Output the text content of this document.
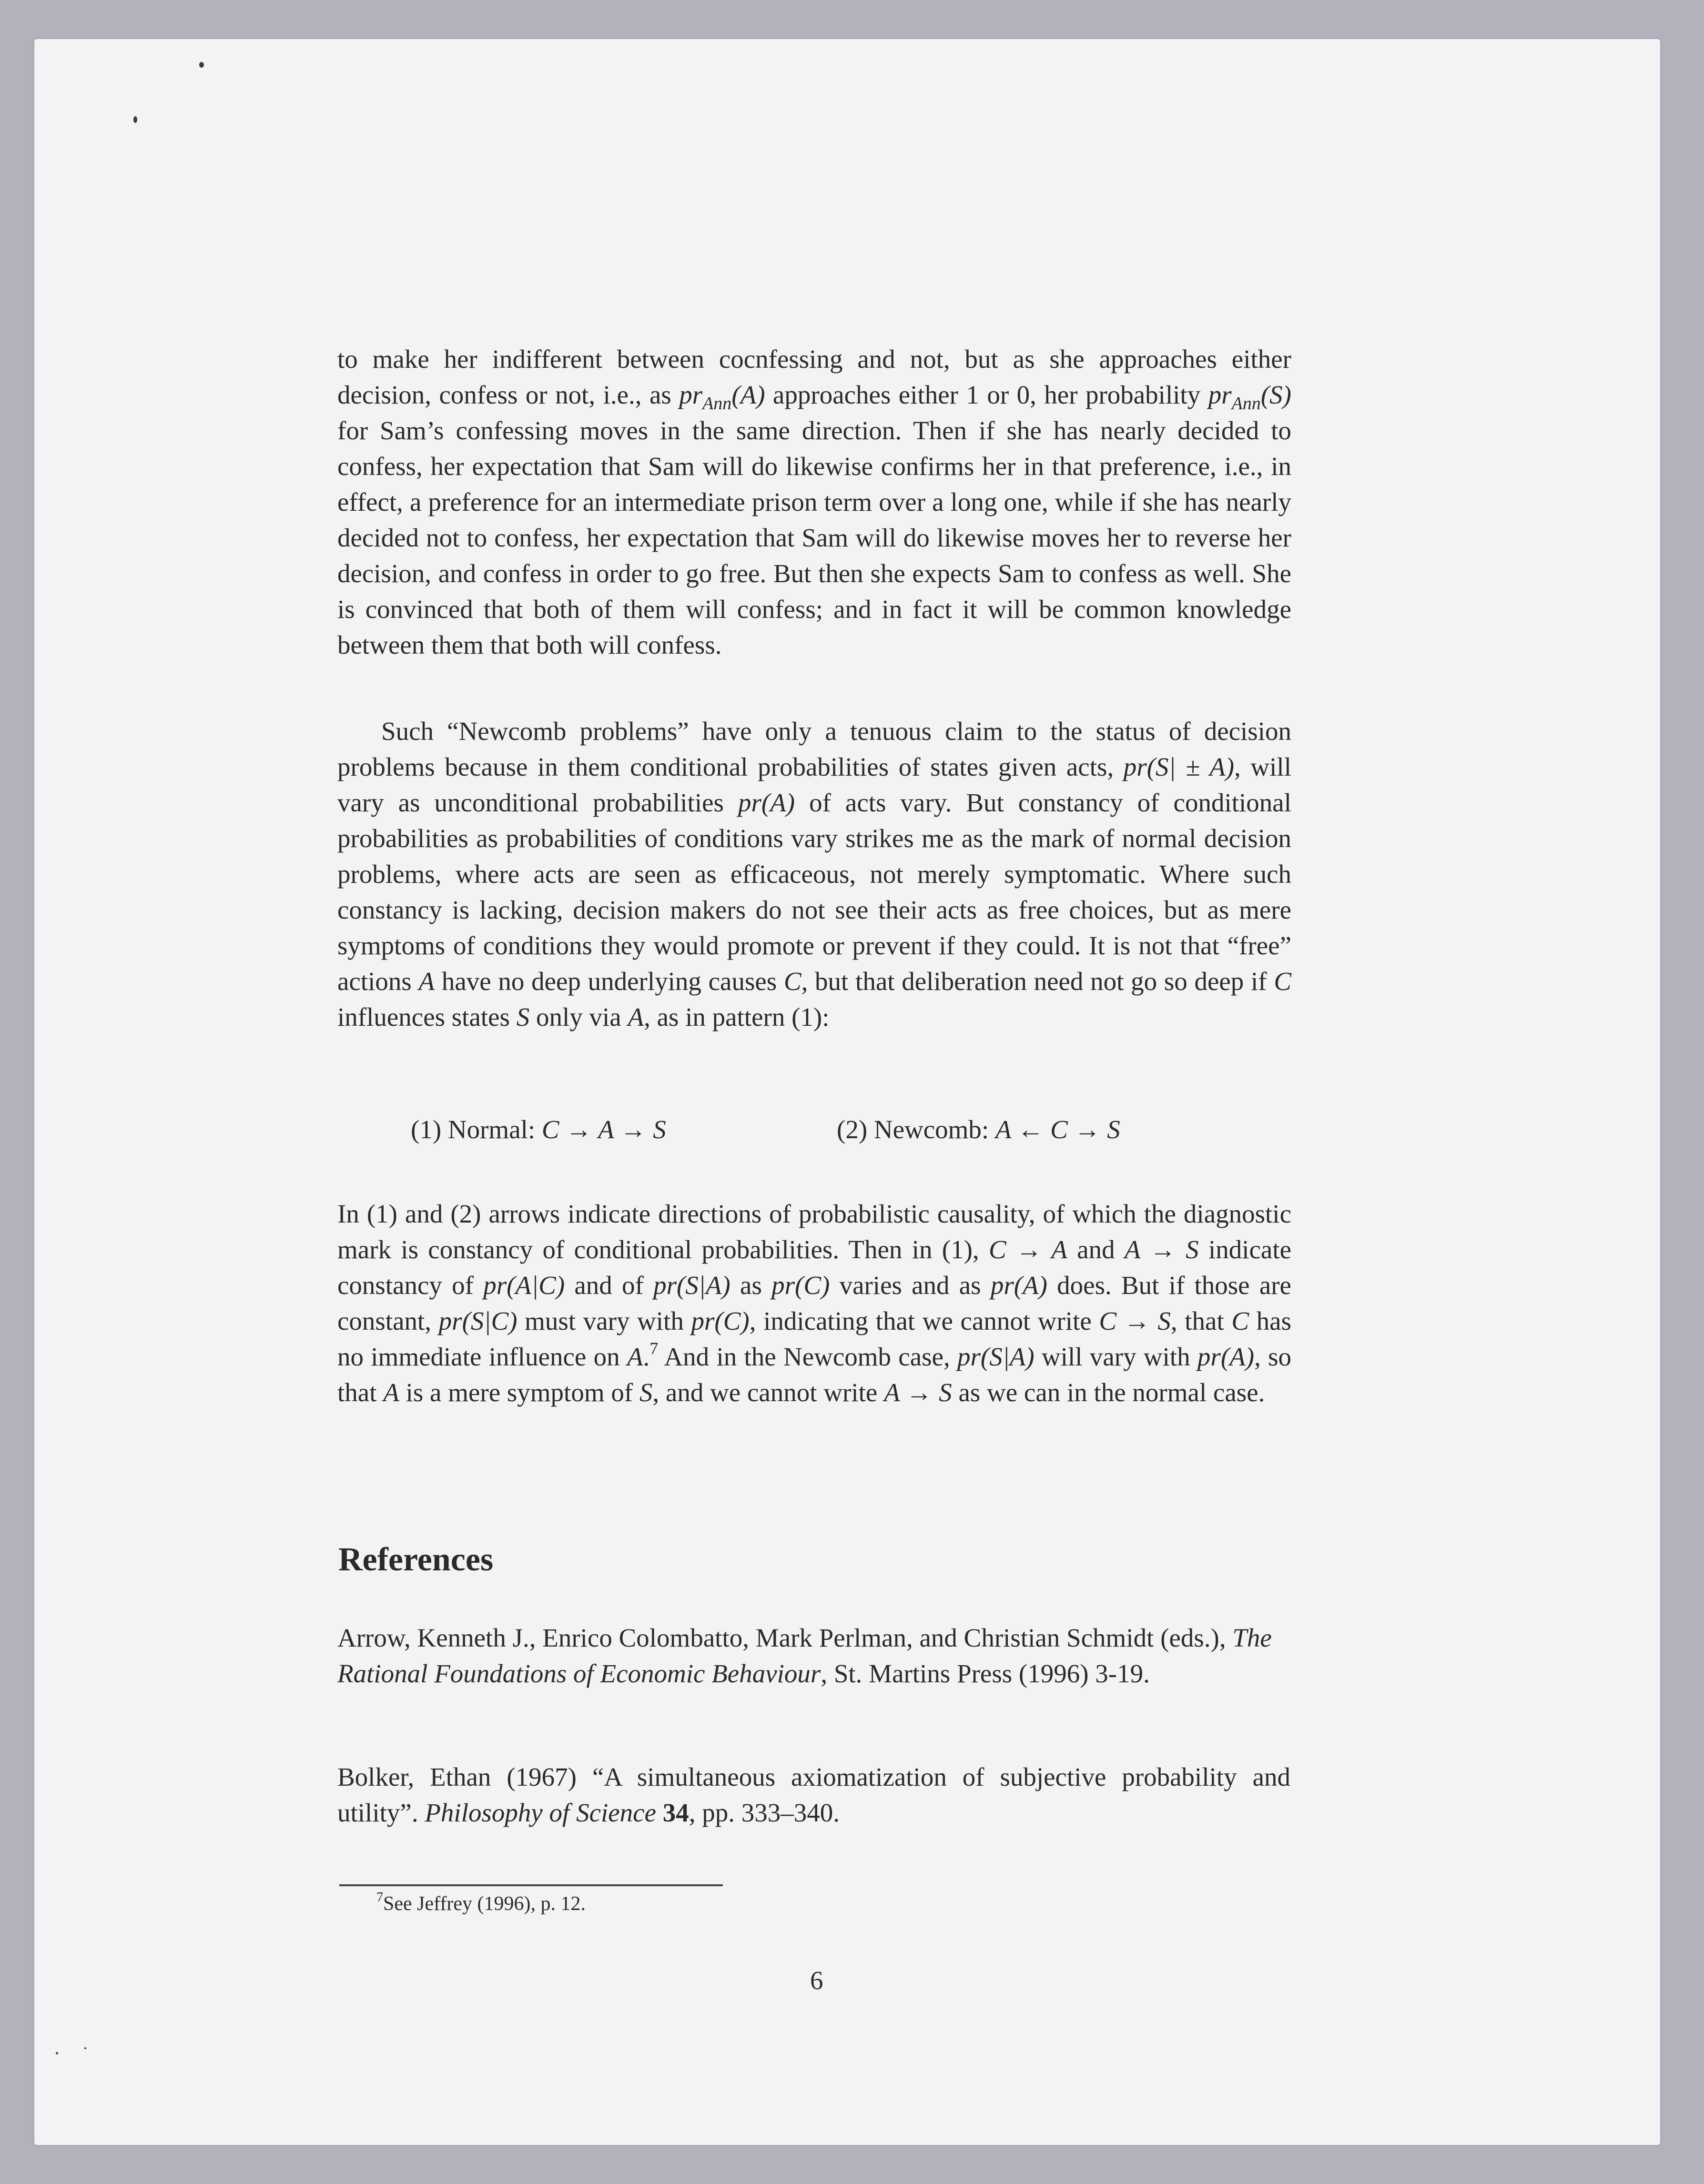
to make her indifferent between cocnfessing and not, but as she approaches either decision, confess or not, i.e., as $pr_{Ann}(A)$ approaches either 1 or 0, her probability $pr_{Ann}(S)$ for Sam’s confessing moves in the same direction. Then if she has nearly decided to confess, her expectation that Sam will do likewise confirms her in that preference, i.e., in effect, a preference for an intermediate prison term over a long one, while if she has nearly decided not to confess, her expectation that Sam will do likewise moves her to reverse her decision, and confess in order to go free. But then she expects Sam to confess as well. She is convinced that both of them will confess; and in fact it will be common knowledge between them that both will confess.

Such “Newcomb problems” have only a tenuous claim to the status of decision problems because in them conditional probabilities of states given acts, pr(S| ± A), will vary as unconditional probabilities pr(A) of acts vary. But constancy of conditional probabilities as probabilities of conditions vary strikes me as the mark of normal decision problems, where acts are seen as efficaceous, not merely symptomatic. Where such constancy is lacking, decision makers do not see their acts as free choices, but as mere symptoms of conditions they would promote or prevent if they could. It is not that “free” actions A have no deep underlying causes C, but that deliberation need not go so deep if C influences states S only via A, as in pattern (1):

(1) Normal: C → A → S	(2) Newcomb: A ← C → S

In (1) and (2) arrows indicate directions of probabilistic causality, of which the diagnostic mark is constancy of conditional probabilities. Then in (1), C → A and A → S indicate constancy of pr(A|C) and of pr(S|A) as pr(C) varies and as pr(A) does. But if those are constant, pr(S|C) must vary with pr(C), indicating that we cannot write C → S, that C has no immediate influence on A.$^7$ And in the Newcomb case, pr(S|A) will vary with pr(A), so that A is a mere symptom of S, and we cannot write A → S as we can in the normal case.

References
Arrow, Kenneth J., Enrico Colombatto, Mark Perlman, and Christian Schmidt (eds.), The Rational Foundations of Economic Behaviour, St. Martins Press (1996) 3-19.
Bolker, Ethan (1967) “A simultaneous axiomatization of subjective probability and utility”. Philosophy of Science 34, pp. 333–340.
$^7$See Jeffrey (1996), p. 12.
6
